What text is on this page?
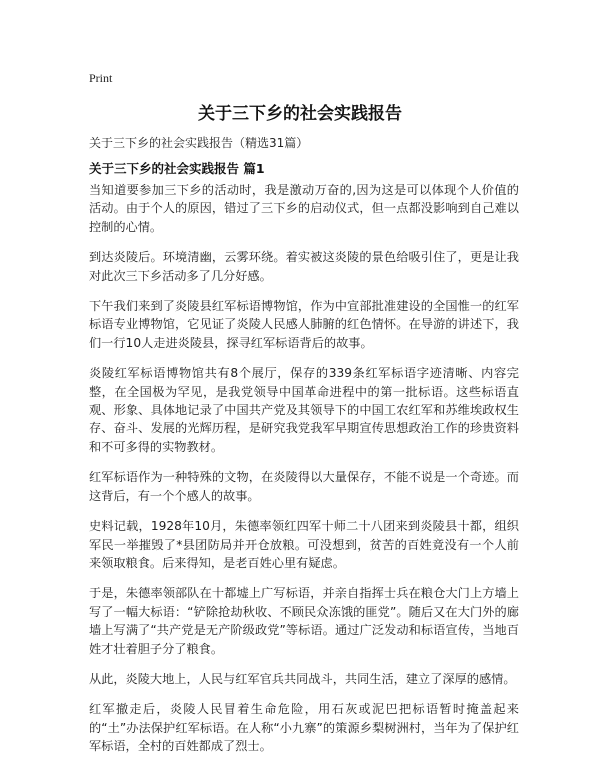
Print
关于三下乡的社会实践报告

关于三下乡的社会实践报告（精选31篇）

关于三下乡的社会实践报告 篇1

当知道要参加三下乡的活动时，我是激动万奋的,因为这是可以体现个人价值的活动。由于个人的原因，错过了三下乡的启动仪式，但一点都没影响到自己难以控制的心情。

到达炎陵后。环境清幽，云雾环绕。着实被这炎陵的景色给吸引住了，更是让我对此次三下乡活动多了几分好感。

下午我们来到了炎陵县红军标语博物馆，作为中宣部批准建设的全国惟一的红军标语专业博物馆，它见证了炎陵人民感人肺腑的红色情怀。在导游的讲述下，我们一行10人走进炎陵县，探寻红军标语背后的故事。

炎陵红军标语博物馆共有8个展厅，保存的339条红军标语字迹清晰、内容完整，在全国极为罕见，是我党领导中国革命进程中的第一批标语。这些标语直观、形象、具体地记录了中国共产党及其领导下的中国工农红军和苏维埃政权生存、奋斗、发展的光辉历程，是研究我党我军早期宣传思想政治工作的珍贵资料和不可多得的实物教材。

红军标语作为一种特殊的文物，在炎陵得以大量保存，不能不说是一个奇迹。而这背后，有一个个感人的故事。

史料记载，1928年10月，朱德率领红四军十师二十八团来到炎陵县十都，组织军民一举摧毁了*县团防局并开仓放粮。可没想到，贫苦的百姓竟没有一个人前来领取粮食。后来得知，是老百姓心里有疑虑。

于是，朱德率领部队在十都墟上广写标语，并亲自指挥士兵在粮仓大门上方墙上写了一幅大标语：“铲除抢劫秋收、不顾民众冻饿的匪党”。随后又在大门外的廊墙上写满了“共产党是无产阶级政党”等标语。通过广泛发动和标语宣传，当地百姓才壮着胆子分了粮食。

从此，炎陵大地上，人民与红军官兵共同战斗，共同生活，建立了深厚的感情。

红军撤走后，炎陵人民冒着生命危险，用石灰或泥巴把标语暂时掩盖起来的“土”办法保护红军标语。在人称“小九寨”的策源乡梨树洲村，当年为了保护红军标语，全村的百姓都成了烈士。
